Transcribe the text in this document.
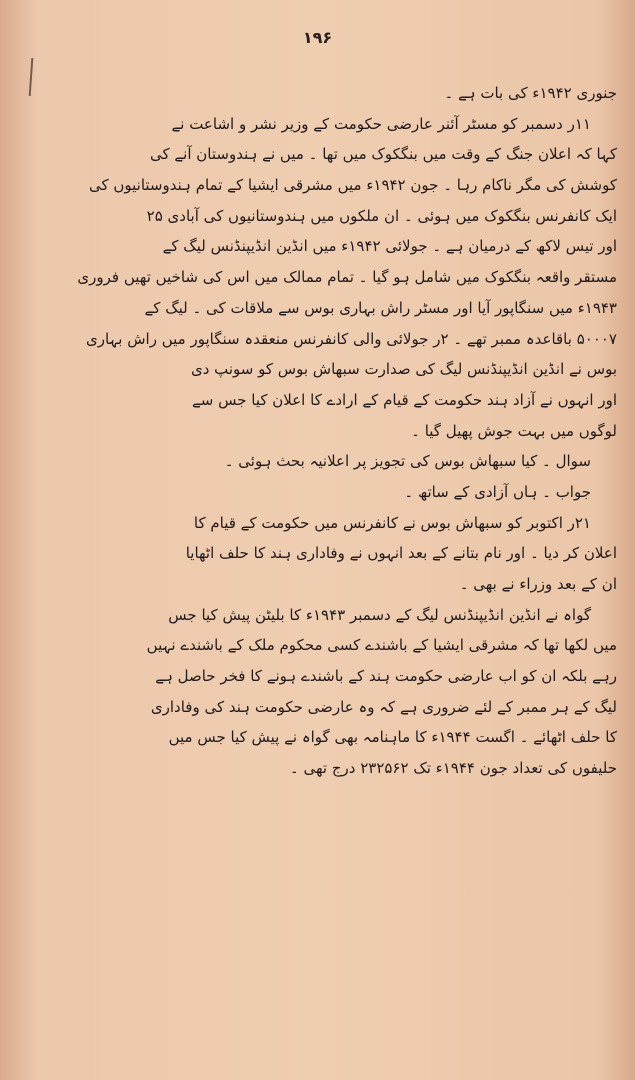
۱۹۶
جنوری ۱۹۴۲ء کی بات ہے ۔
۱۱ر دسمبر کو مسٹر آئنر عارضی حکومت کے وزیر نشر و اشاعت نے
کہا کہ اعلان جنگ کے وقت میں بنگکوک میں تھا ۔ میں نے ہندوستان آنے کی
کوشش کی مگر ناکام رہا ۔ جون ۱۹۴۲ء میں مشرقی ایشیا کے تمام ہندوستانیوں کی
ایک کانفرنس بنگکوک میں ہوئی ۔ ان ملکوں میں ہندوستانیوں کی آبادی ۲۵
اور تیس لاکھ کے درمیان ہے ۔ جولائی ۱۹۴۲ء میں انڈین انڈیپنڈنس لیگ کے
مستقر واقعہ بنگکوک میں شامل ہو گیا ۔ تمام ممالک میں اس کی شاخیں تھیں فروری
۱۹۴۳ء میں سنگاپور آیا اور مسٹر راش بہاری بوس سے ملاقات کی ۔ لیگ کے
۵۰۰۰۷ باقاعدہ ممبر تھے ۔ ۲ر جولائی والی کانفرنس منعقدہ سنگاپور میں راش بہاری
بوس نے انڈین انڈیپنڈنس لیگ کی صدارت سبھاش بوس کو سونپ دی
اور انہوں نے آزاد ہند حکومت کے قیام کے ارادے کا اعلان کیا جس سے
لوگوں میں بہت جوش پھیل گیا ۔
سوال ۔ کیا سبھاش بوس کی تجویز پر اعلانیہ بحث ہوئی ۔
جواب ۔ ہاں آزادی کے ساتھ ۔
۲۱ر اکتوبر کو سبھاش بوس نے کانفرنس میں حکومت کے قیام کا
اعلان کر دیا ۔ اور نام بتانے کے بعد انہوں نے وفاداری ہند کا حلف اٹھایا
ان کے بعد وزراء نے بھی ۔
گواہ نے انڈین انڈیپنڈنس لیگ کے دسمبر ۱۹۴۳ء کا بلیٹن پیش کیا جس
میں لکھا تھا کہ مشرقی ایشیا کے باشندے کسی محکوم ملک کے باشندے نہیں
رہے بلکہ ان کو اب عارضی حکومت ہند کے باشندے ہونے کا فخر حاصل ہے
لیگ کے ہر ممبر کے لئے ضروری ہے کہ وہ عارضی حکومت ہند کی وفاداری
کا حلف اٹھائے ۔ اگست ۱۹۴۴ء کا ماہنامہ بھی گواہ نے پیش کیا جس میں
حلیفوں کی تعداد جون ۱۹۴۴ء تک ۲۳۲۵۶۲ درج تھی ۔
